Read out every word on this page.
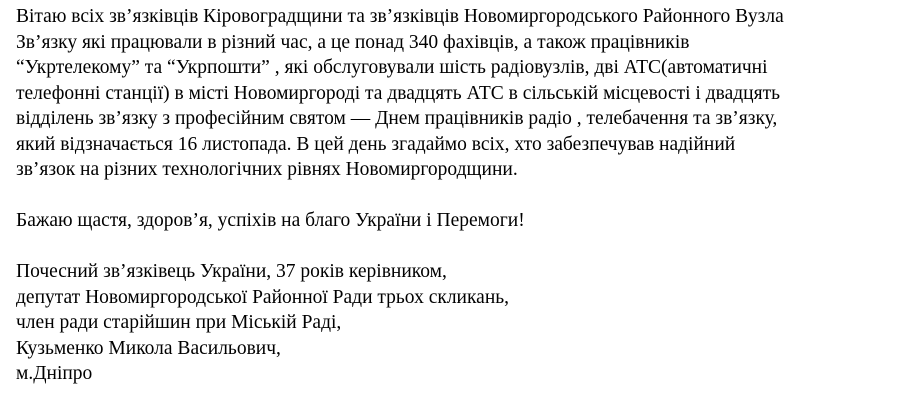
Вітаю всіх зв’язківців Кіровоградщини та зв’язківців Новомиргородського Районного Вузла
Зв’язку які працювали в різний час, а це понад 340 фахівців, а також працівників
“Укртелекому” та “Укрпошти” , які обслуговували шість радіовузлів, дві АТС(автоматичні
телефонні станції) в місті Новомиргороді та двадцять АТС в сільській місцевості і двадцять
відділень зв’язку з професійним святом — Днем працівників радіо , телебачення та зв’язку,
який відзначається 16 листопада. В цей день згадаймо всіх, хто забезпечував надійний
зв’язок на різних технологічних рівнях Новомиргородщини.

Бажаю щастя, здоров’я, успіхів на благо України і Перемоги!

Почесний зв’язківець України, 37 років керівником,
депутат Новомиргородської Районної Ради трьох скликань,
член ради старійшин при Міській Раді,
Кузьменко Микола Васильович,
м.Дніпро
